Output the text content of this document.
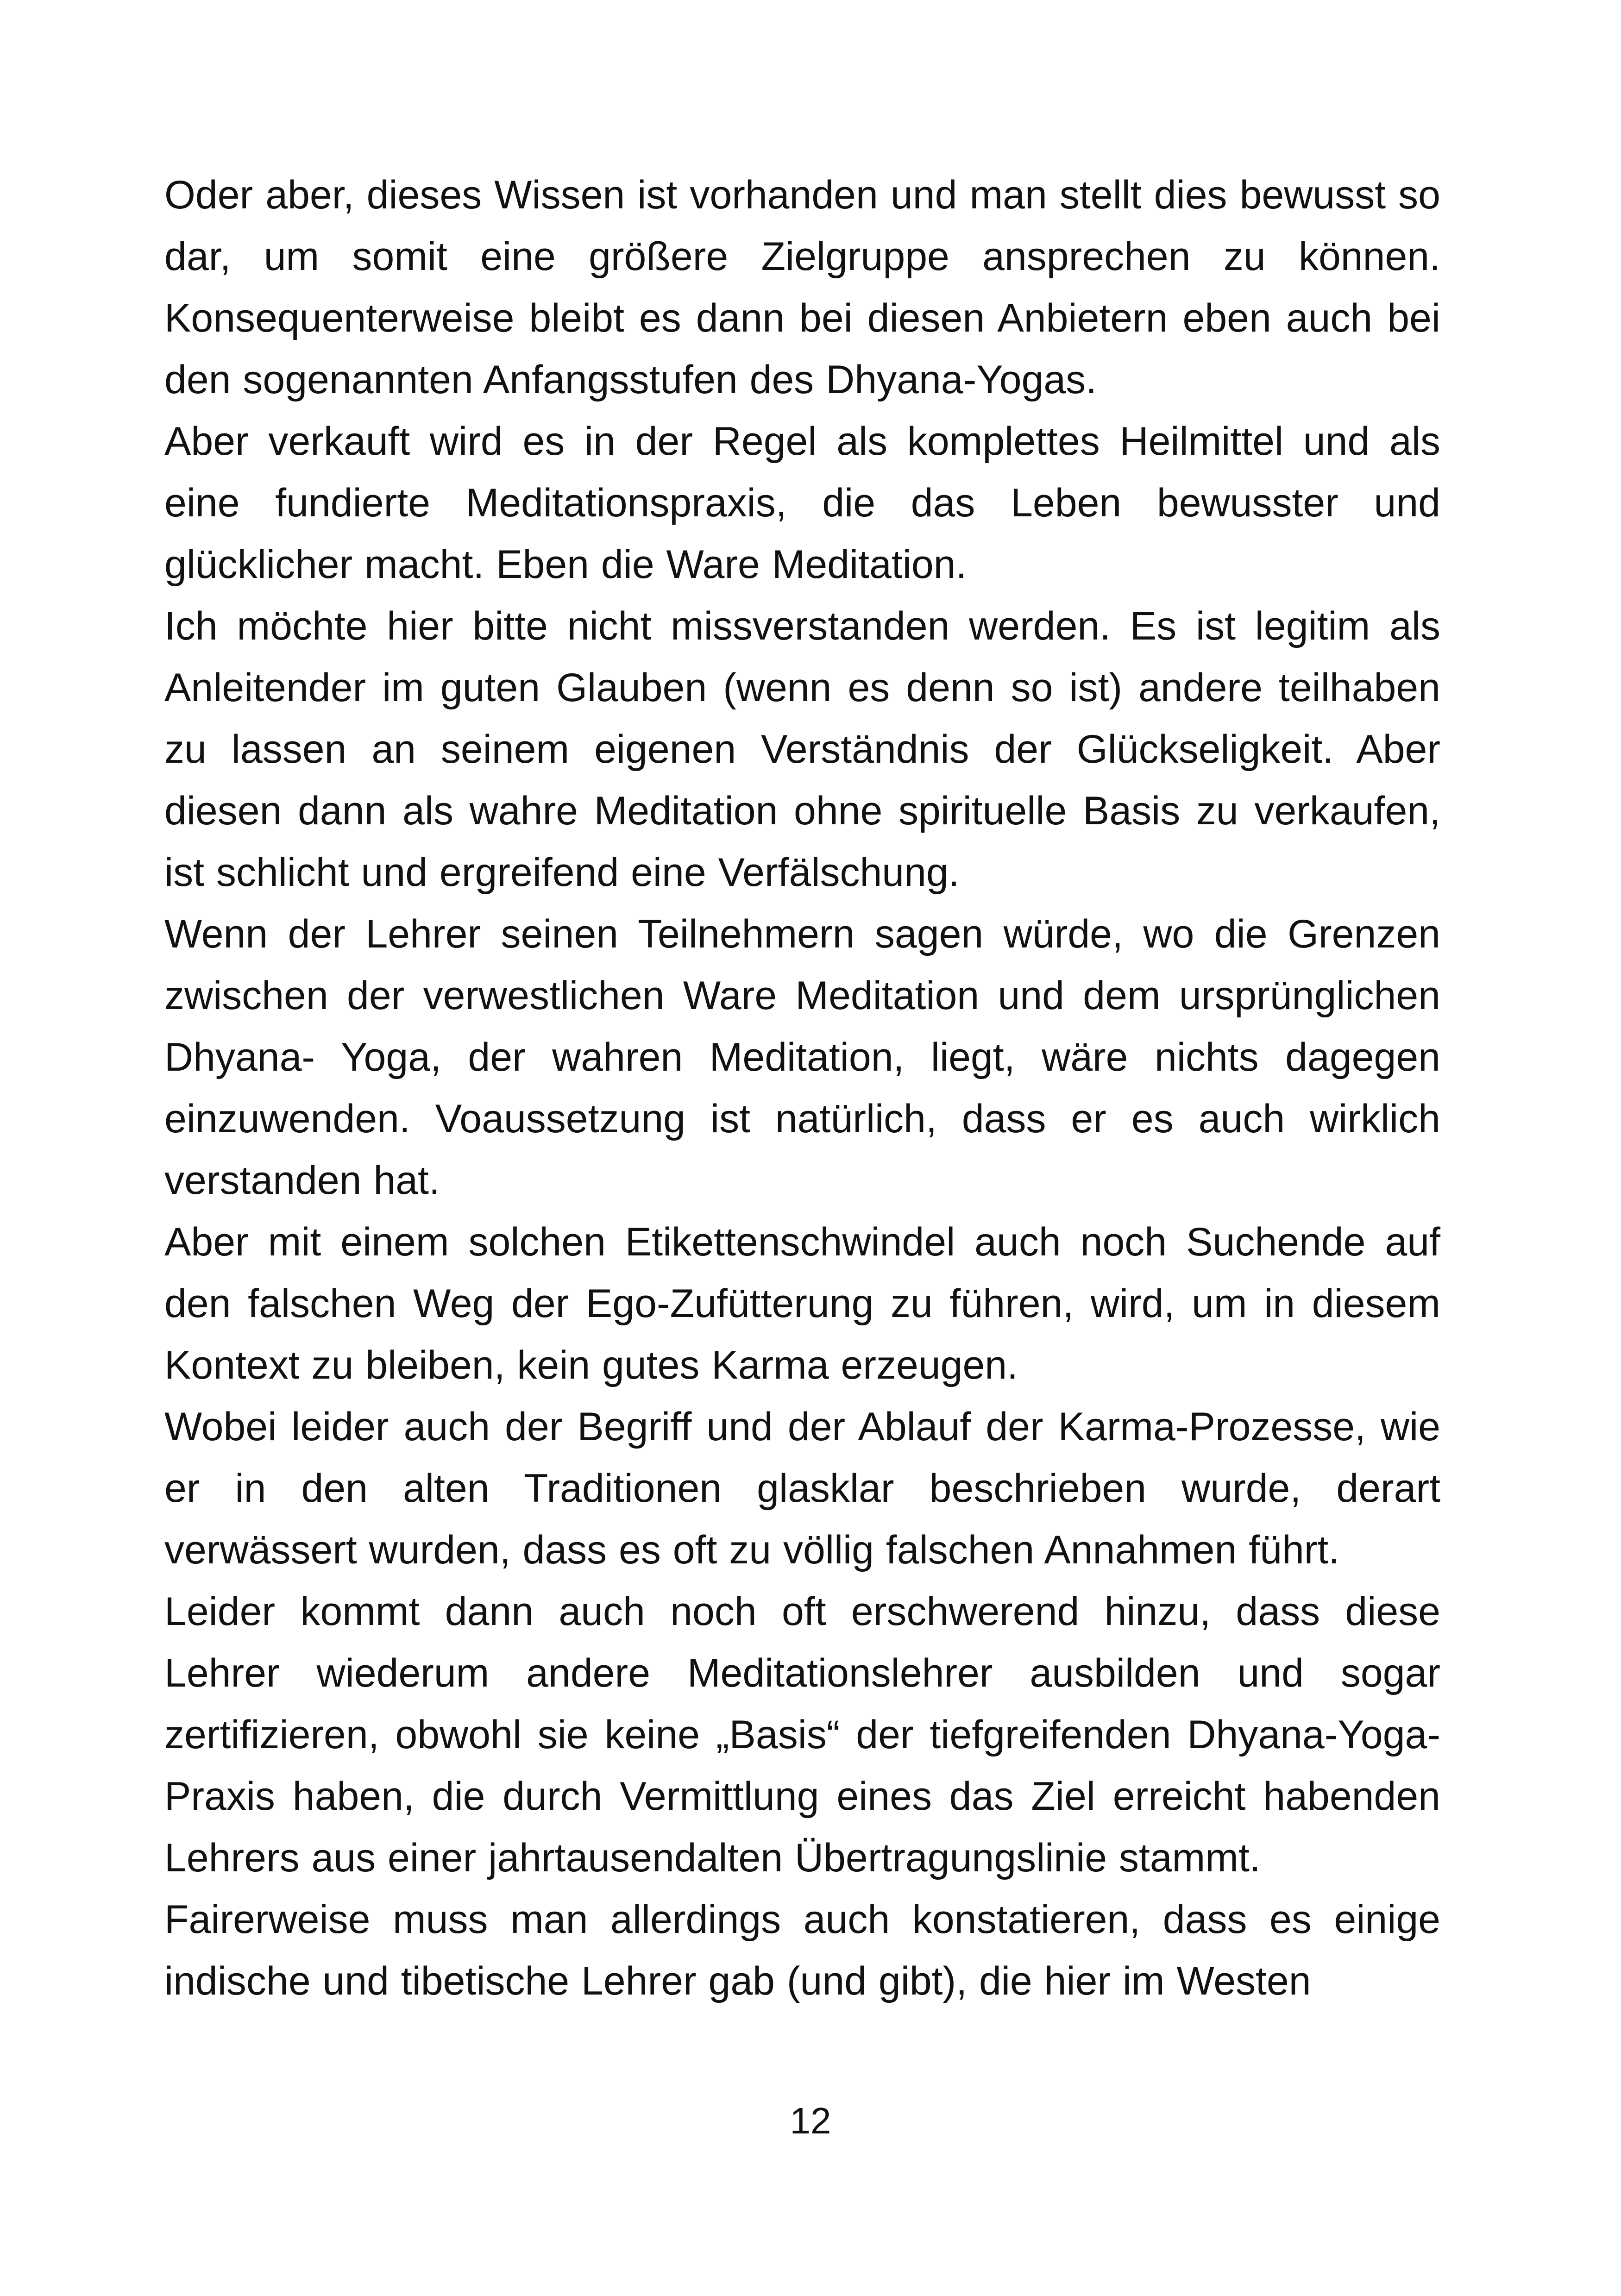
Oder aber, dieses Wissen ist vorhanden und man stellt dies bewusst so dar, um somit eine größere Zielgruppe ansprechen zu können. Konsequenterweise bleibt es dann bei diesen Anbietern eben auch bei den sogenannten Anfangsstufen des Dhyana-Yogas.

Aber verkauft wird es in der Regel als komplettes Heilmittel und als eine fundierte Meditationspraxis, die das Leben bewusster und glücklicher macht. Eben die Ware Meditation.

Ich möchte hier bitte nicht missverstanden werden. Es ist legitim als Anleitender im guten Glauben (wenn es denn so ist) andere teilhaben zu lassen an seinem eigenen Verständnis der Glückseligkeit. Aber diesen dann als wahre Meditation ohne spirituelle Basis zu verkaufen, ist schlicht und ergreifend eine Verfälschung.

Wenn der Lehrer seinen Teilnehmern sagen würde, wo die Grenzen zwischen der verwestlichen Ware Meditation und dem ursprünglichen Dhyana- Yoga, der wahren Meditation, liegt, wäre nichts dagegen einzuwenden. Voaussetzung ist natürlich, dass er es auch wirklich verstanden hat.

Aber mit einem solchen Etikettenschwindel auch noch Suchende auf den falschen Weg der Ego-Zufütterung zu führen, wird, um in diesem Kontext zu bleiben, kein gutes Karma erzeugen.

Wobei leider auch der Begriff und der Ablauf der Karma-Prozesse, wie er in den alten Traditionen glasklar beschrieben wurde, derart verwässert wurden, dass es oft zu völlig falschen Annahmen führt.

Leider kommt dann auch noch oft erschwerend hinzu, dass diese Lehrer wiederum andere Meditationslehrer ausbilden und sogar zertifizieren, obwohl sie keine „Basis“ der tiefgreifenden Dhyana-Yoga-Praxis haben, die durch Vermittlung eines das Ziel erreicht habenden Lehrers aus einer jahrtausendalten Übertragungslinie stammt.

Fairerweise muss man allerdings auch konstatieren, dass es einige indische und tibetische Lehrer gab (und gibt), die hier im Westen

12
